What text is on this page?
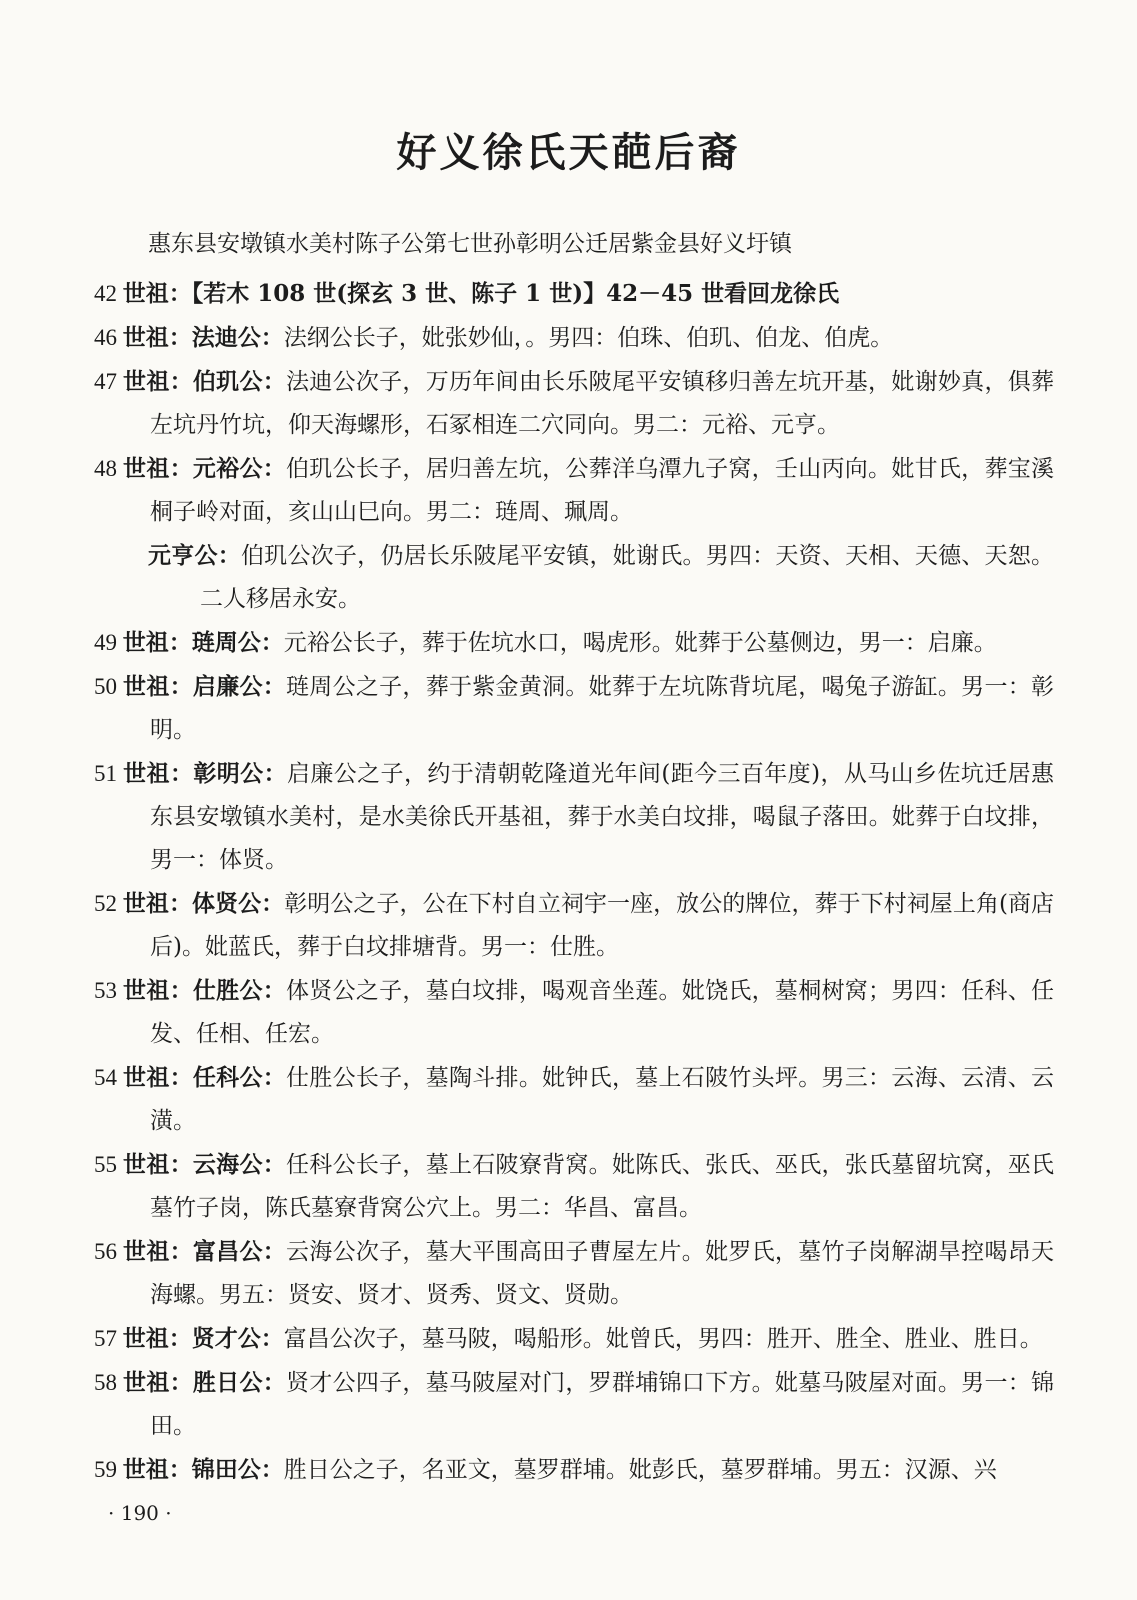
好义徐氏天葩后裔
惠东县安墩镇水美村陈子公第七世孙彰明公迁居紫金县好义圩镇
42 世祖：【若木 108 世(探玄 3 世、陈子 1 世)】42－45 世看回龙徐氏
46 世祖：法迪公：法纲公长子，妣张妙仙，。男四：伯珠、伯玑、伯龙、伯虎。
47 世祖：伯玑公：法迪公次子，万历年间由长乐陂尾平安镇移归善左坑开基，妣谢妙真，俱葬左坑丹竹坑，仰天海螺形，石冢相连二穴同向。男二：元裕、元亨。
48 世祖：元裕公：伯玑公长子，居归善左坑，公葬洋乌潭九子窝，壬山丙向。妣甘氏，葬宝溪桐子岭对面，亥山山巳向。男二：琏周、珮周。
元亨公：伯玑公次子，仍居长乐陂尾平安镇，妣谢氏。男四：天资、天相、天德、天恕。二人移居永安。
49 世祖：琏周公：元裕公长子，葬于佐坑水口，喝虎形。妣葬于公墓侧边，男一：启廉。
50 世祖：启廉公：琏周公之子，葬于紫金黄洞。妣葬于左坑陈背坑尾，喝兔子游缸。男一：彰明。
51 世祖：彰明公：启廉公之子，约于清朝乾隆道光年间(距今三百年度)，从马山乡佐坑迁居惠东县安墩镇水美村，是水美徐氏开基祖，葬于水美白坟排，喝鼠子落田。妣葬于白坟排，男一：体贤。
52 世祖：体贤公：彰明公之子，公在下村自立祠宇一座，放公的牌位，葬于下村祠屋上角(商店后)。妣蓝氏，葬于白坟排塘背。男一：仕胜。
53 世祖：仕胜公：体贤公之子，墓白坟排，喝观音坐莲。妣饶氏，墓桐树窝；男四：任科、任发、任相、任宏。
54 世祖：任科公：仕胜公长子，墓陶斗排。妣钟氏，墓上石陂竹头坪。男三：云海、云清、云潢。
55 世祖：云海公：任科公长子，墓上石陂寮背窝。妣陈氏、张氏、巫氏，张氏墓留坑窝，巫氏墓竹子岗，陈氏墓寮背窝公穴上。男二：华昌、富昌。
56 世祖：富昌公：云海公次子，墓大平围高田子曹屋左片。妣罗氏，墓竹子岗解湖旱控喝昂天海螺。男五：贤安、贤才、贤秀、贤文、贤勋。
57 世祖：贤才公：富昌公次子，墓马陂，喝船形。妣曾氏，男四：胜开、胜全、胜业、胜日。
58 世祖：胜日公：贤才公四子，墓马陂屋对门，罗群埔锦口下方。妣墓马陂屋对面。男一：锦田。
59 世祖：锦田公：胜日公之子，名亚文，墓罗群埔。妣彭氏，墓罗群埔。男五：汉源、兴
· 190 ·
